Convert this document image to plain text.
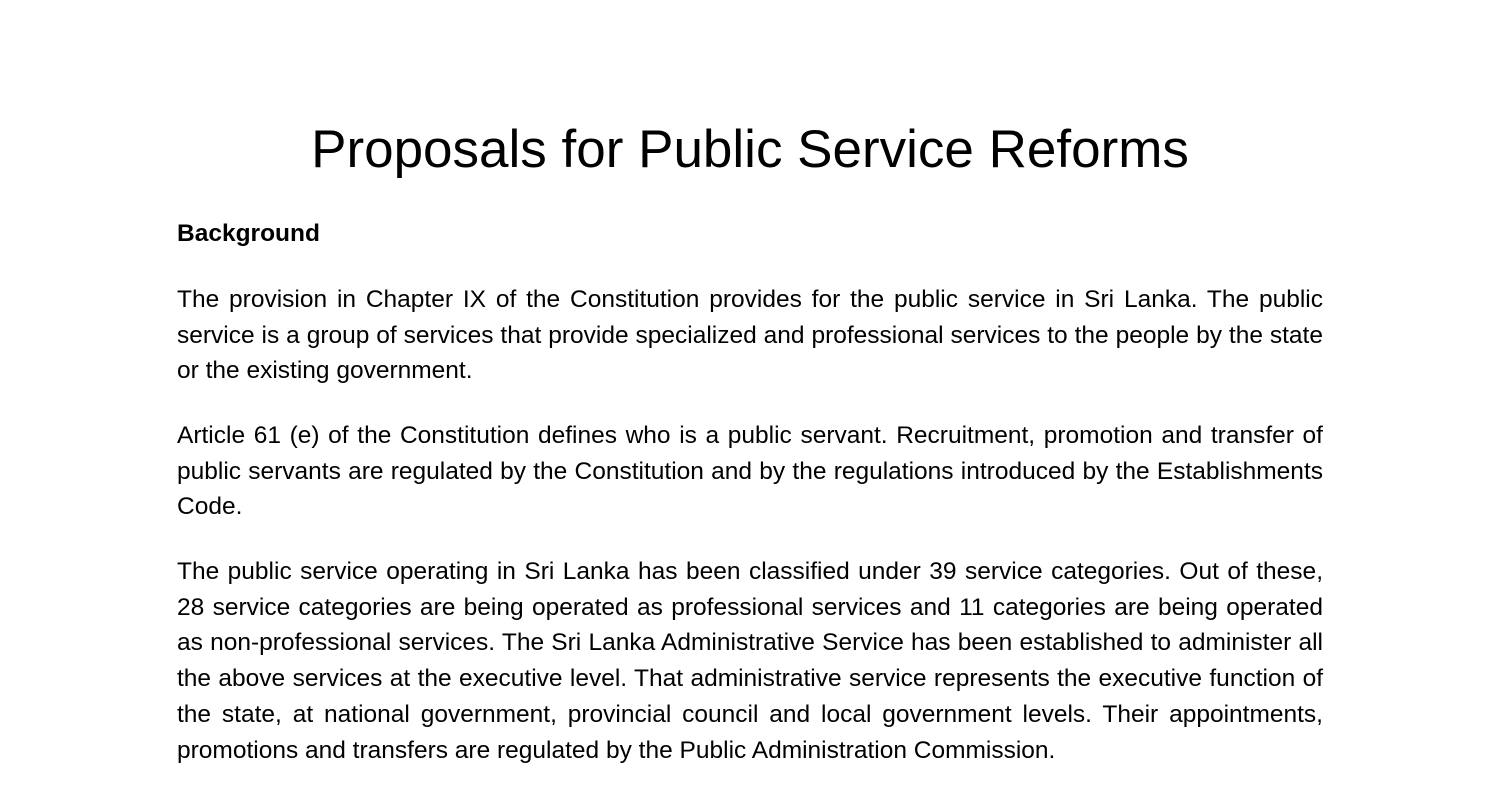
Proposals for Public Service Reforms
Background

The provision in Chapter IX of the Constitution provides for the public service in Sri Lanka. The public service is a group of services that provide specialized and professional services to the people by the state or the existing government.

Article 61 (e) of the Constitution defines who is a public servant. Recruitment, promotion and transfer of public servants are regulated by the Constitution and by the regulations introduced by the Establishments Code.

The public service operating in Sri Lanka has been classified under 39 service categories. Out of these, 28 service categories are being operated as professional services and 11 categories are being operated as non-professional services. The Sri Lanka Administrative Service has been established to administer all the above services at the executive level. That administrative service represents the executive function of the state, at national government, provincial council and local government levels. Their appointments, promotions and transfers are regulated by the Public Administration Commission.
